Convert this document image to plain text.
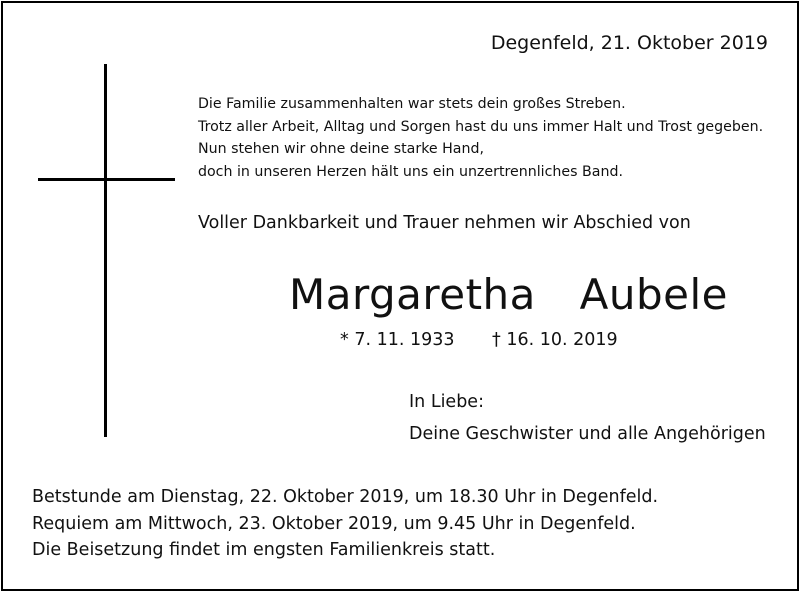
Degenfeld, 21. Oktober 2019
Die Familie zusammenhalten war stets dein großes Streben.
Trotz aller Arbeit, Alltag und Sorgen hast du uns immer Halt und Trost gegeben.
Nun stehen wir ohne deine starke Hand,
doch in unseren Herzen hält uns ein unzertrennliches Band.
Voller Dankbarkeit und Trauer nehmen wir Abschied von
Margaretha  Aubele
* 7. 11. 1933 † 16. 10. 2019
In Liebe:
Deine Geschwister und alle Angehörigen
Betstunde am Dienstag, 22. Oktober 2019, um 18.30 Uhr in Degenfeld.
Requiem am Mittwoch, 23. Oktober 2019, um 9.45 Uhr in Degenfeld.
Die Beisetzung findet im engsten Familienkreis statt.
